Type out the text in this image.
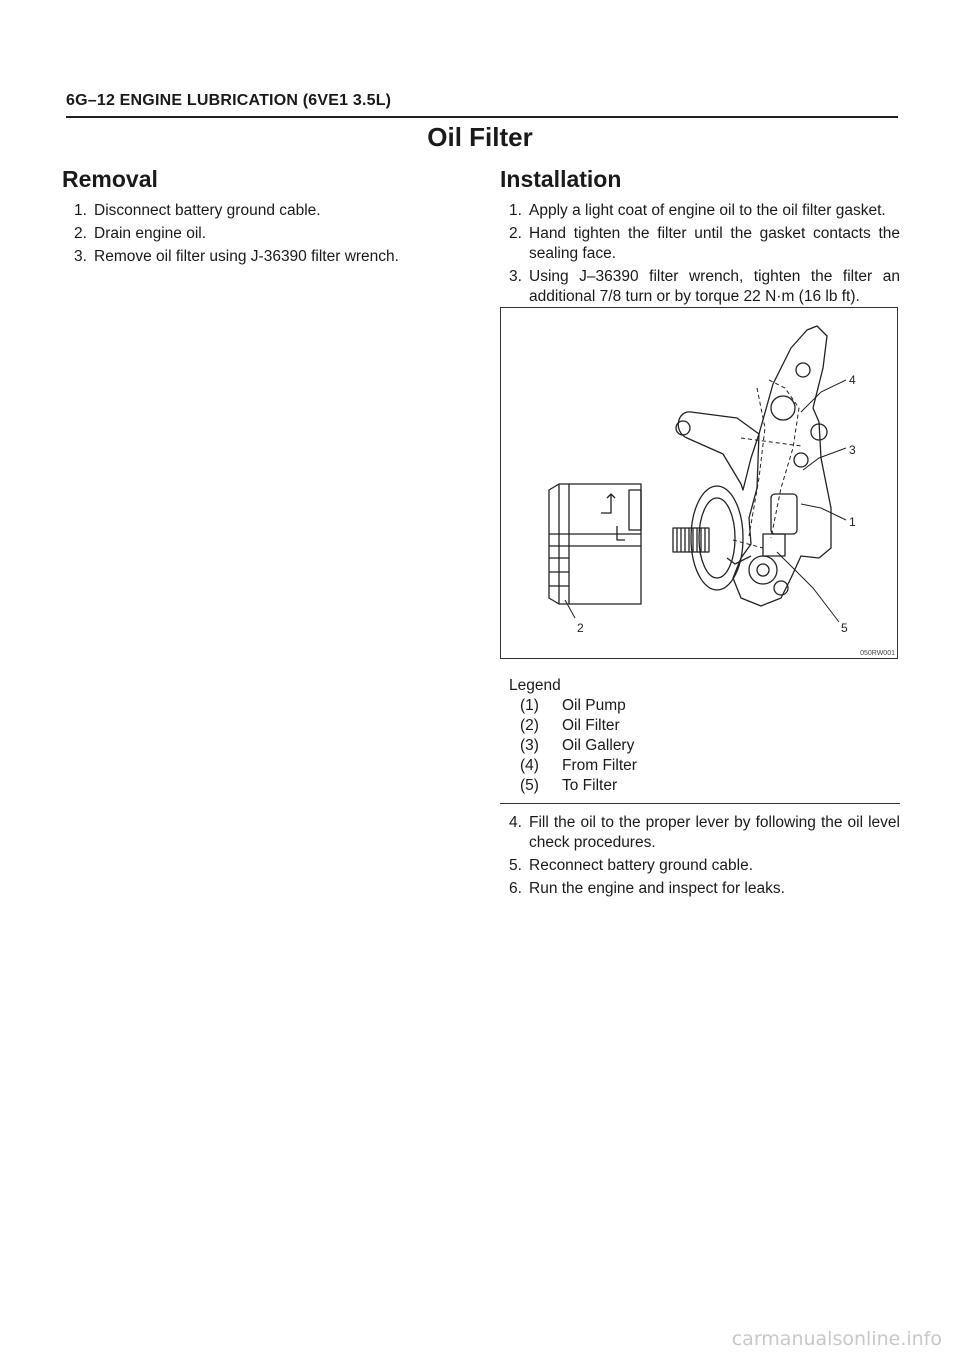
6G–12 ENGINE LUBRICATION (6VE1 3.5L)
Oil Filter
Removal
1. Disconnect battery ground cable.
2. Drain engine oil.
3. Remove oil filter using J-36390 filter wrench.
Installation
1. Apply a light coat of engine oil to the oil filter gasket.
2. Hand tighten the filter until the gasket contacts the sealing face.
3. Using J–36390 filter wrench, tighten the filter an additional 7/8 turn or by torque 22 N·m (16 lb ft).
4
3
1
2	5
050RW001
Legend
(1) Oil Pump
(2) Oil Filter
(3) Oil Gallery
(4) From Filter
(5) To Filter
4. Fill the oil to the proper lever by following the oil level check procedures.
5. Reconnect battery ground cable.
6. Run the engine and inspect for leaks.
carmanualsonline.info
